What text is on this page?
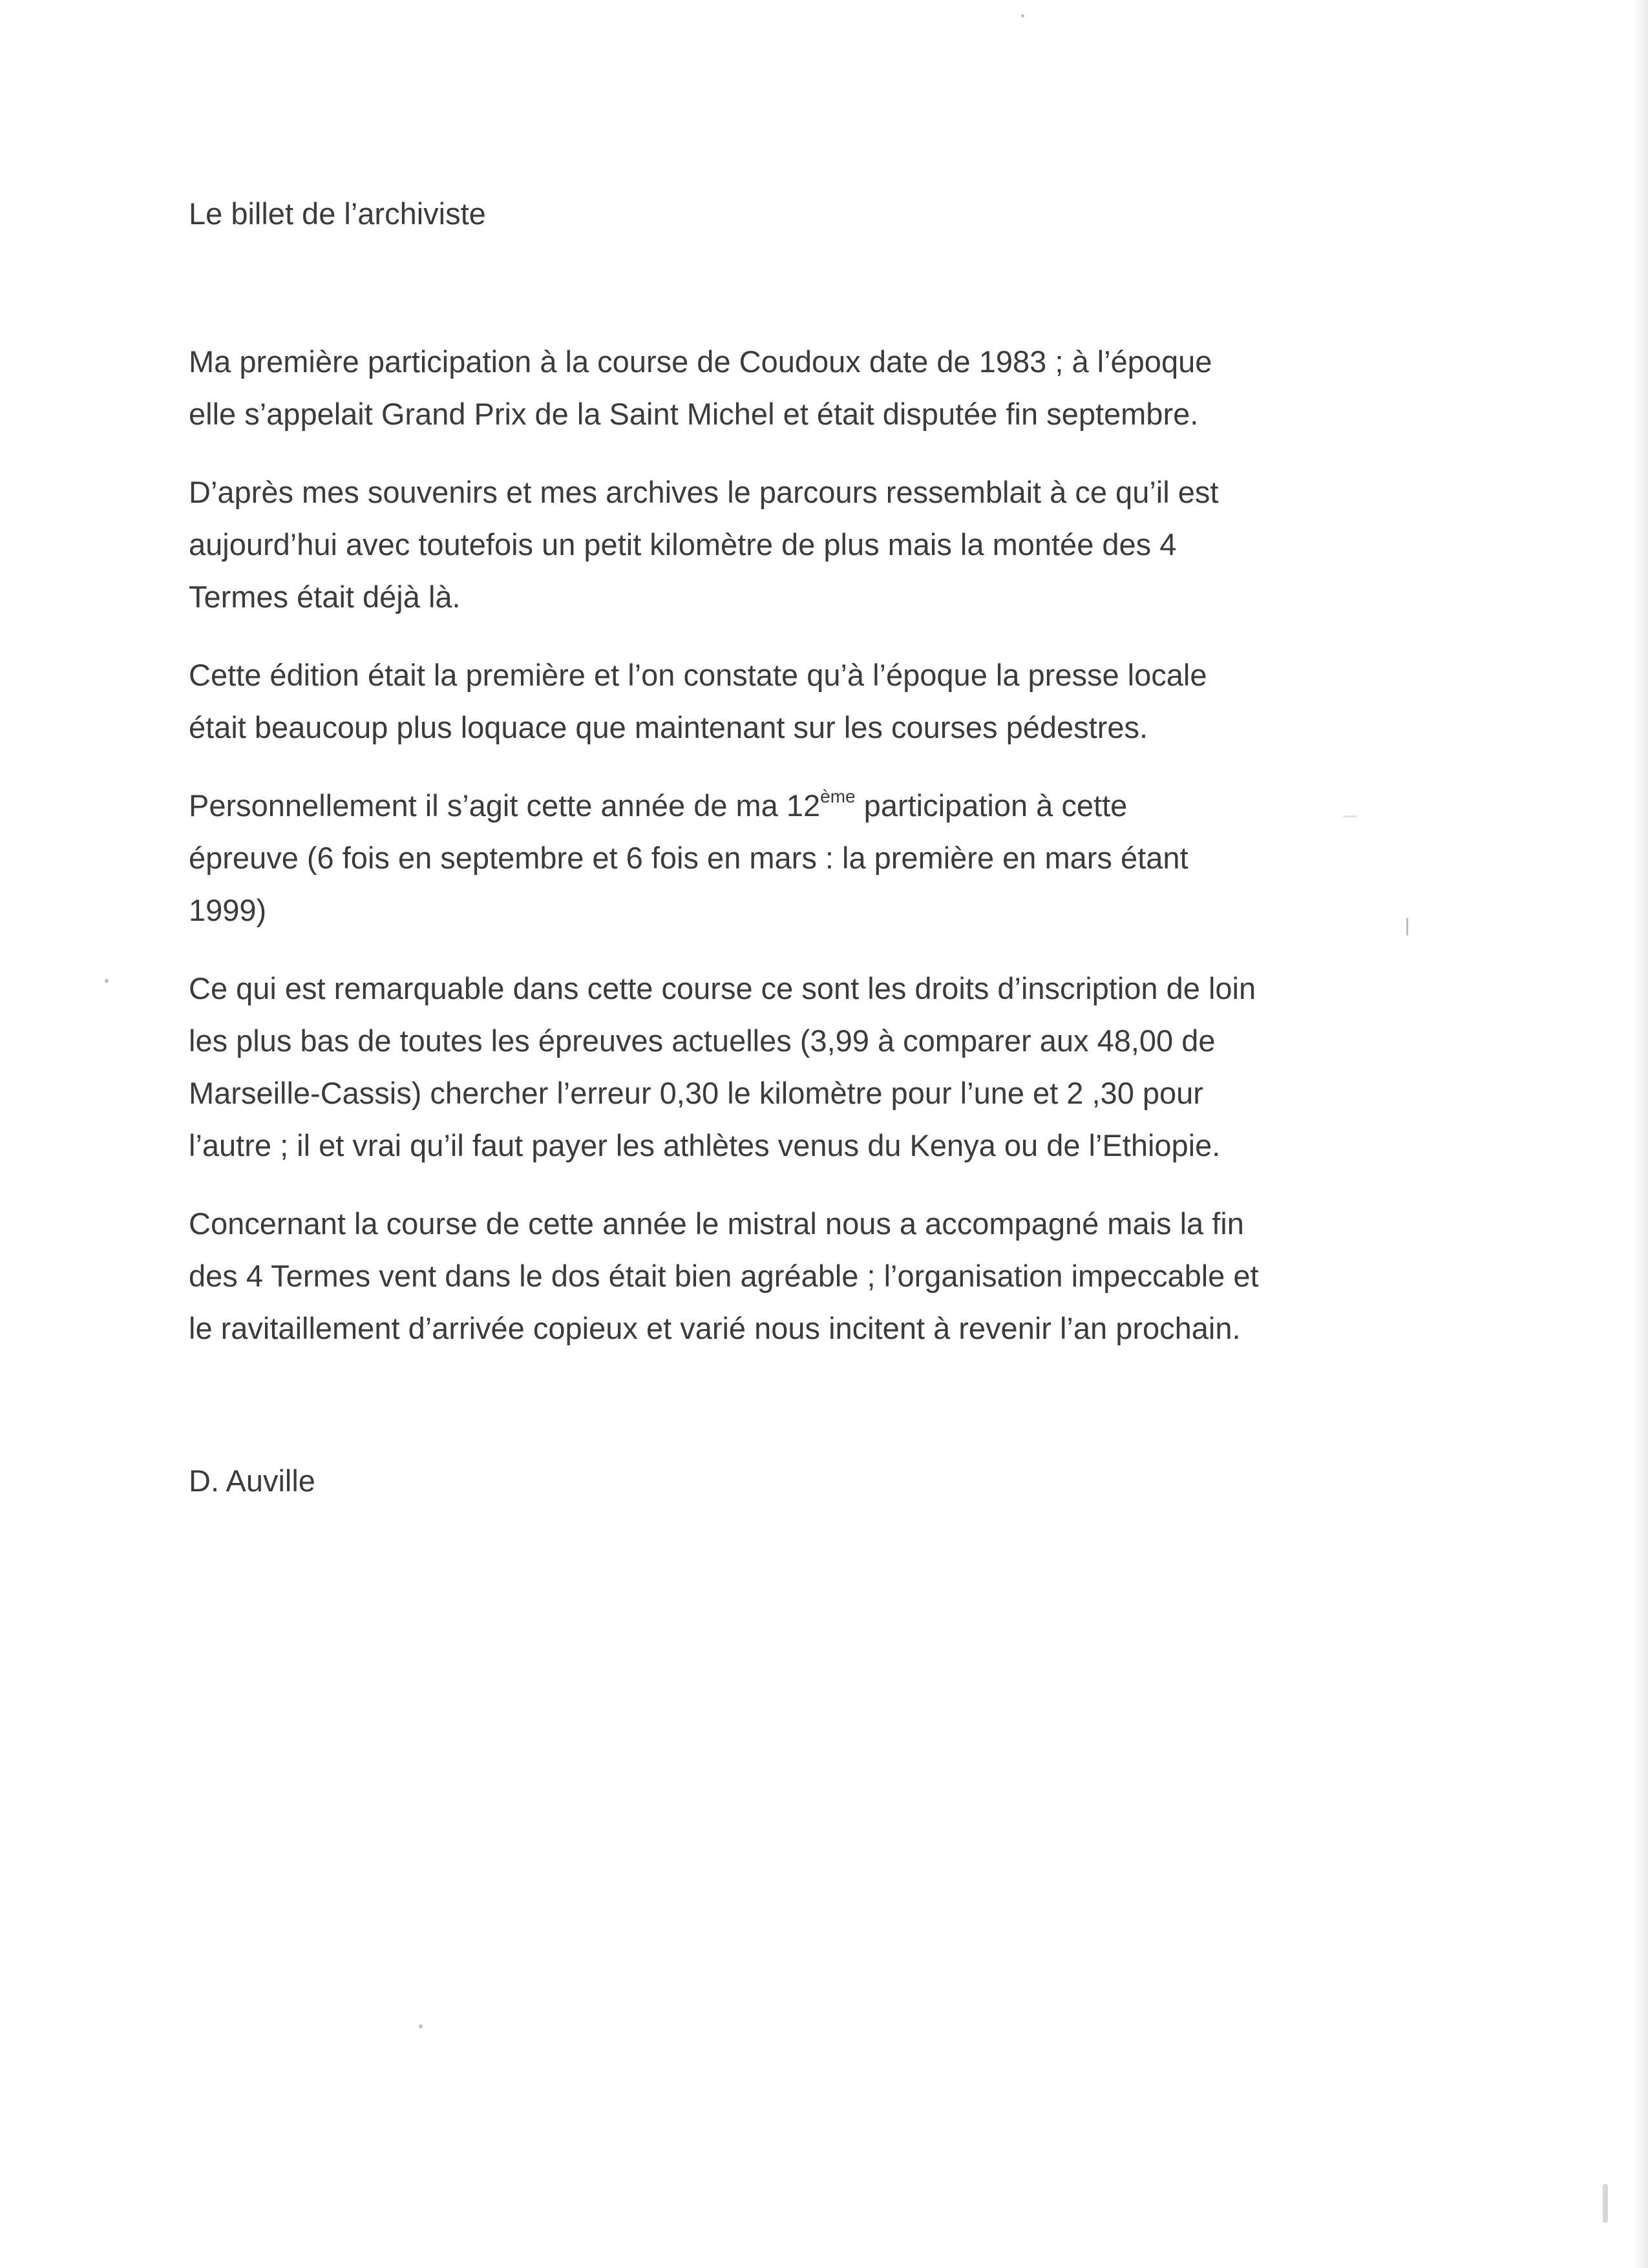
Le billet de l’archiviste

Ma première participation à la course de Coudoux date de 1983 ; à l’époque
elle s’appelait Grand Prix de la Saint Michel et était disputée fin septembre.
D’après mes souvenirs et mes archives le parcours ressemblait à ce qu’il est
aujourd’hui avec toutefois un petit kilomètre de plus mais la montée des 4
Termes était déjà là.
Cette édition était la première et l’on constate qu’à l’époque la presse locale
était beaucoup plus loquace que maintenant sur les courses pédestres.
Personnellement il s’agit cette année de ma 12ème participation à cette
épreuve (6 fois en septembre et 6 fois en mars : la première en mars étant
1999)
Ce qui est remarquable dans cette course ce sont les droits d’inscription de loin
les plus bas de toutes les épreuves actuelles (3,99 à comparer aux 48,00 de
Marseille-Cassis) chercher l’erreur 0,30 le kilomètre pour l’une et 2 ,30 pour
l’autre ; il et vrai qu’il faut payer les athlètes venus du Kenya ou de l’Ethiopie.
Concernant la course de cette année le mistral nous a accompagné mais la fin
des 4 Termes vent dans le dos était bien agréable ; l’organisation impeccable et
le ravitaillement d’arrivée copieux et varié nous incitent à revenir l’an prochain.

D. Auville
